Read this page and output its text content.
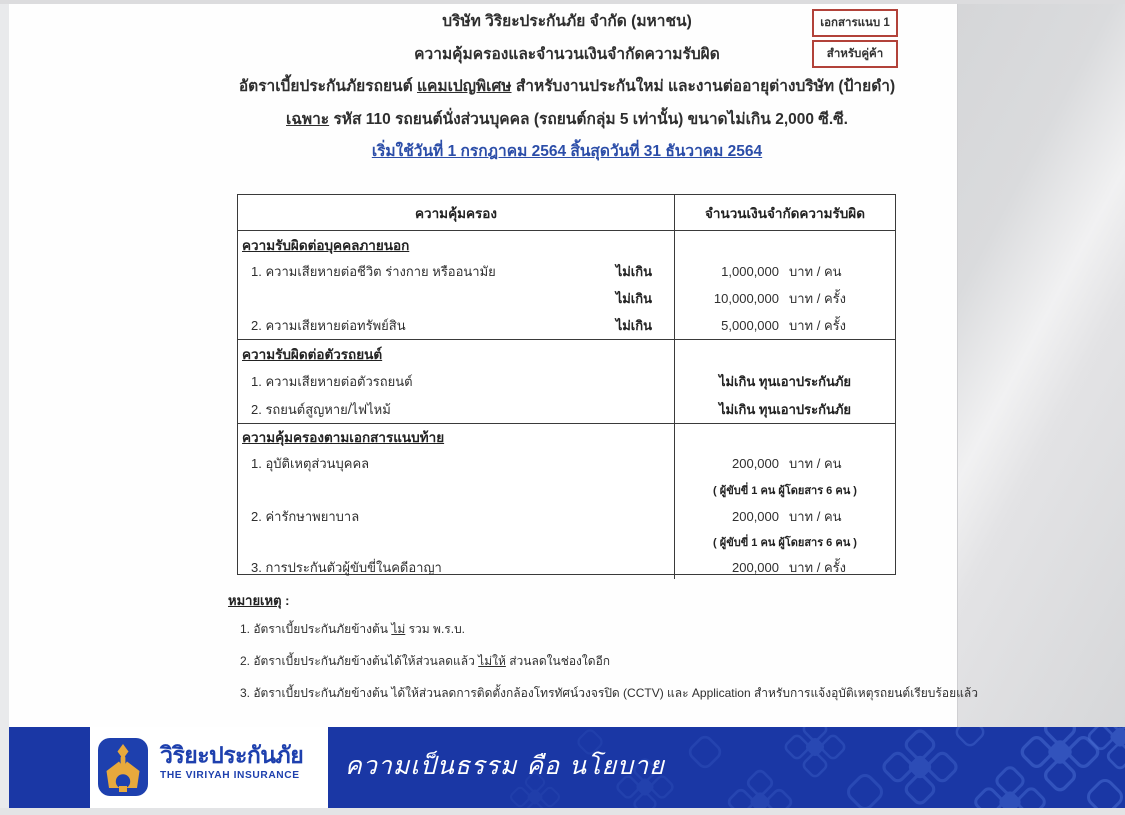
เอกสารแนบ 1
สำหรับคู่ค้า
บริษัท วิริยะประกันภัย จำกัด (มหาชน)
ความคุ้มครองและจำนวนเงินจำกัดความรับผิด
อัตราเบี้ยประกันภัยรถยนต์ แคมเปญพิเศษ สำหรับงานประกันใหม่ และงานต่ออายุต่างบริษัท (ป้ายดำ)
เฉพาะ รหัส 110 รถยนต์นั่งส่วนบุคคล (รถยนต์กลุ่ม 5 เท่านั้น) ขนาดไม่เกิน 2,000 ซี.ซี.
เริ่มใช้วันที่ 1 กรกฎาคม 2564 สิ้นสุดวันที่ 31 ธันวาคม 2564
ความคุ้มครอง	จำนวนเงินจำกัดความรับผิด
ความรับผิดต่อบุคคลภายนอก
1. ความเสียหายต่อชีวิต ร่างกาย หรืออนามัย	ไม่เกิน	1,000,000 บาท / คน
ไม่เกิน	10,000,000 บาท / ครั้ง
2. ความเสียหายต่อทรัพย์สิน	ไม่เกิน	5,000,000 บาท / ครั้ง
ความรับผิดต่อตัวรถยนต์
1. ความเสียหายต่อตัวรถยนต์	ไม่เกิน ทุนเอาประกันภัย
2. รถยนต์สูญหาย/ไฟไหม้	ไม่เกิน ทุนเอาประกันภัย
ความคุ้มครองตามเอกสารแนบท้าย
1. อุบัติเหตุส่วนบุคคล	200,000 บาท / คน
( ผู้ขับขี่ 1 คน ผู้โดยสาร 6 คน )
2. ค่ารักษาพยาบาล	200,000 บาท / คน
( ผู้ขับขี่ 1 คน ผู้โดยสาร 6 คน )
3. การประกันตัวผู้ขับขี่ในคดีอาญา	200,000 บาท / ครั้ง
หมายเหตุ :
1. อัตราเบี้ยประกันภัยข้างต้น ไม่ รวม พ.ร.บ.
2. อัตราเบี้ยประกันภัยข้างต้นได้ให้ส่วนลดแล้ว ไม่ให้ ส่วนลดในช่องใดอีก
3. อัตราเบี้ยประกันภัยข้างต้น ได้ให้ส่วนลดการติดตั้งกล้องโทรทัศน์วงจรปิด (CCTV) และ Application สำหรับการแจ้งอุบัติเหตุรถยนต์เรียบร้อยแล้ว
วิริยะประกันภัย
THE VIRIYAH INSURANCE ความเป็นธรรม คือ นโยบาย
